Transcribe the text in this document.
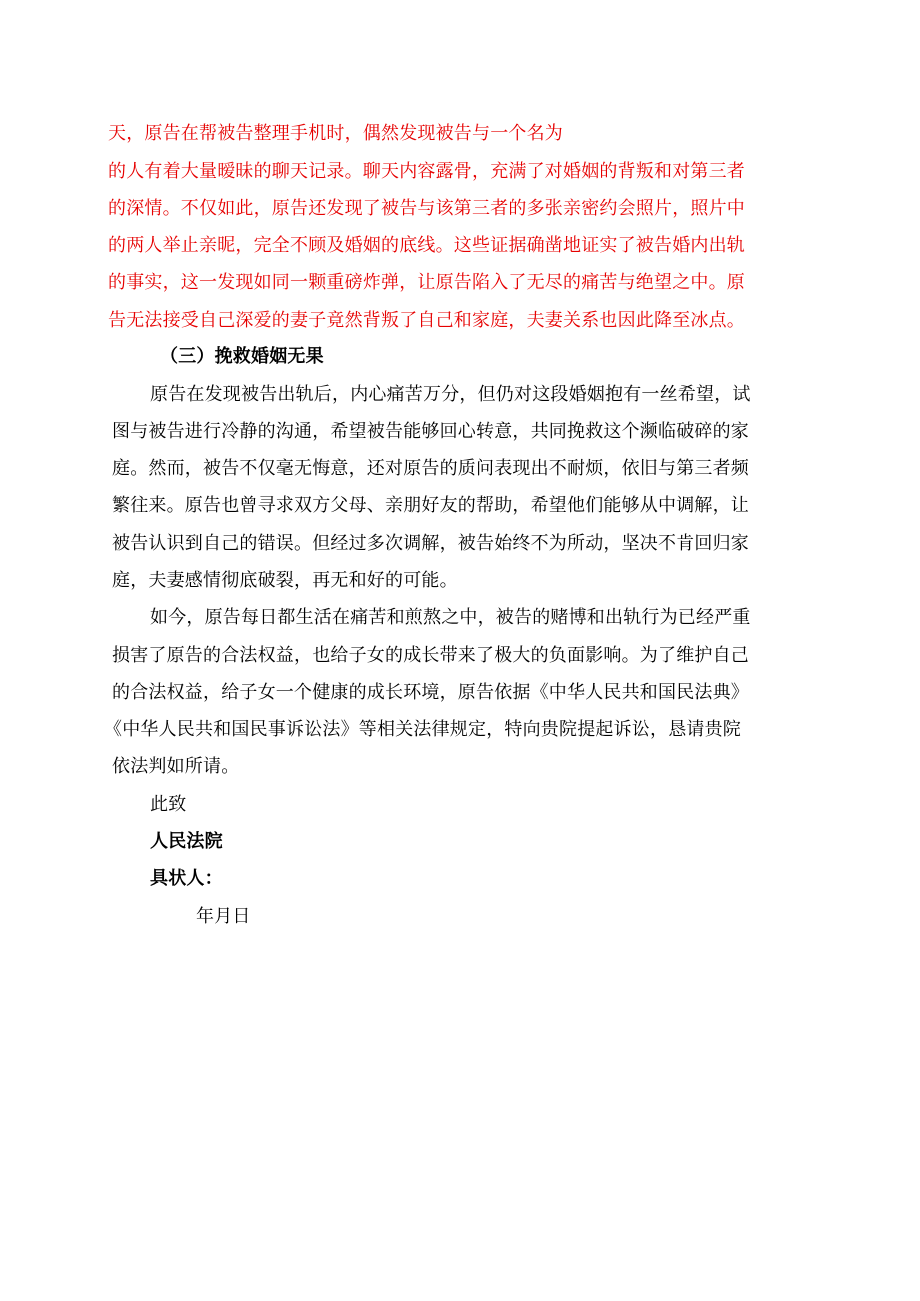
天，原告在帮被告整理手机时，偶然发现被告与一个名为
的人有着大量暧昧的聊天记录。聊天内容露骨，充满了对婚姻的背叛和对第三者
的深情。不仅如此，原告还发现了被告与该第三者的多张亲密约会照片，照片中
的两人举止亲昵，完全不顾及婚姻的底线。这些证据确凿地证实了被告婚内出轨
的事实，这一发现如同一颗重磅炸弹，让原告陷入了无尽的痛苦与绝望之中。原
告无法接受自己深爱的妻子竟然背叛了自己和家庭，夫妻关系也因此降至冰点。
（三）挽救婚姻无果
原告在发现被告出轨后，内心痛苦万分，但仍对这段婚姻抱有一丝希望，试
图与被告进行冷静的沟通，希望被告能够回心转意，共同挽救这个濒临破碎的家
庭。然而，被告不仅毫无悔意，还对原告的质问表现出不耐烦，依旧与第三者频
繁往来。原告也曾寻求双方父母、亲朋好友的帮助，希望他们能够从中调解，让
被告认识到自己的错误。但经过多次调解，被告始终不为所动，坚决不肯回归家
庭，夫妻感情彻底破裂，再无和好的可能。
如今，原告每日都生活在痛苦和煎熬之中，被告的赌博和出轨行为已经严重
损害了原告的合法权益，也给子女的成长带来了极大的负面影响。为了维护自己
的合法权益，给子女一个健康的成长环境，原告依据《中华人民共和国民法典》
《中华人民共和国民事诉讼法》等相关法律规定，特向贵院提起诉讼，恳请贵院
依法判如所请。
此致
人民法院
具状人：
年月日
